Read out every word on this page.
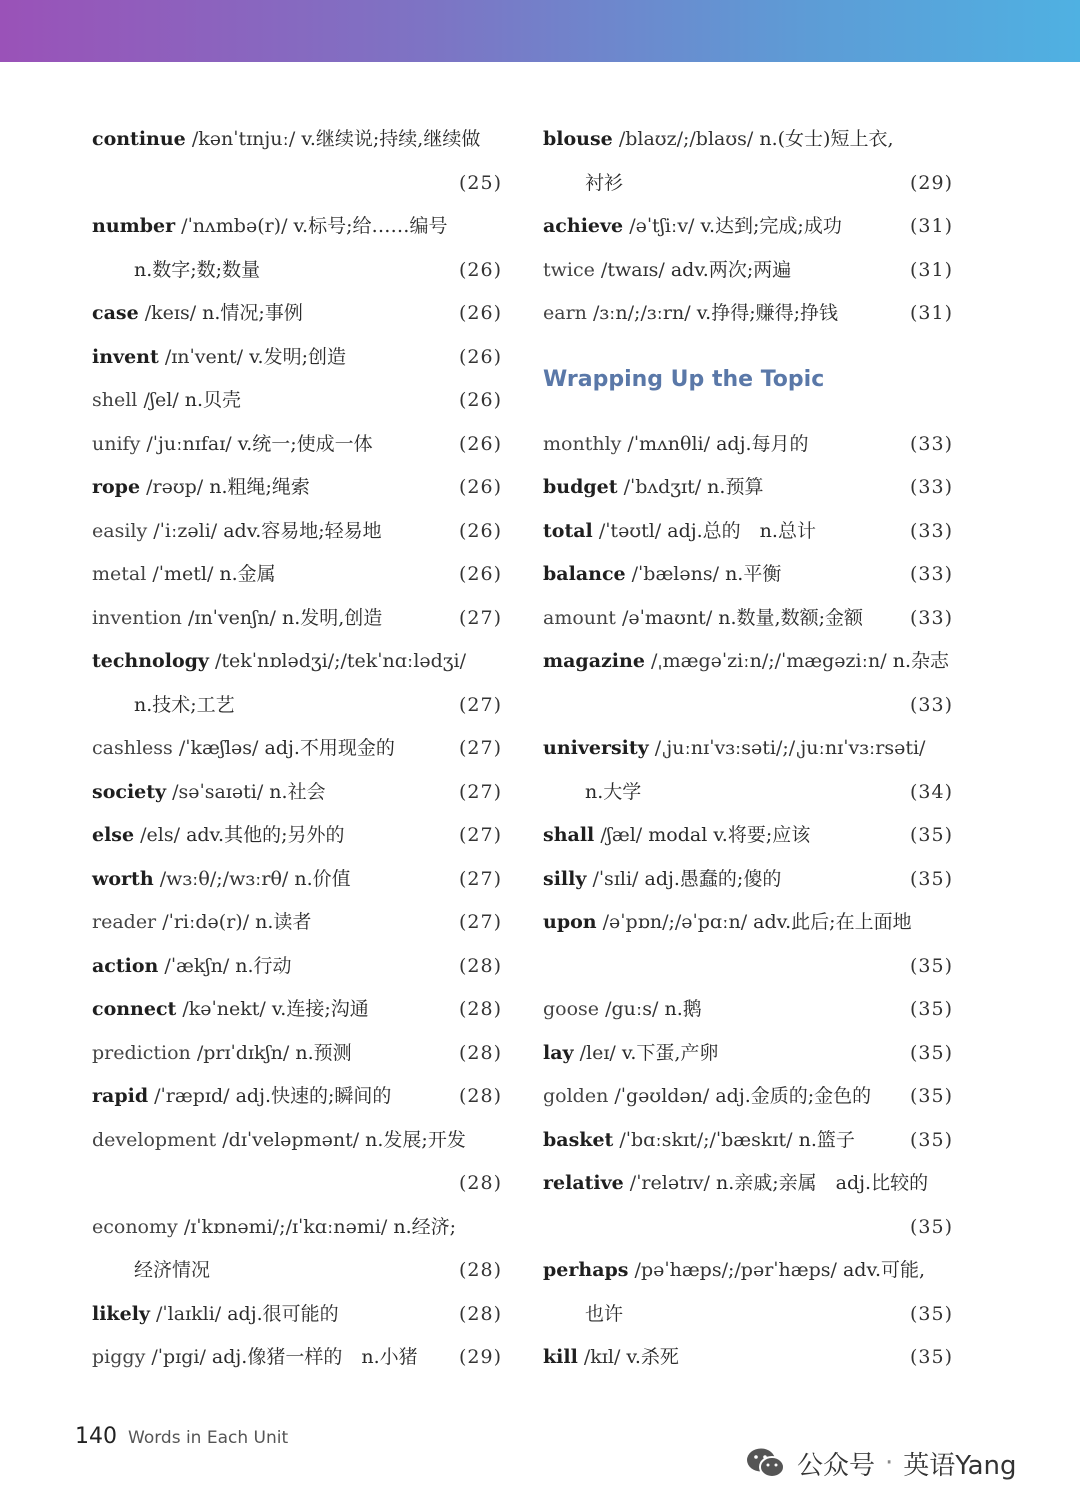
continue /kənˈtɪnjuː/ v.继续说;持续,继续做
(25)
number /ˈnʌmbə(r)/ v.标号;给……编号
n.数字;数;数量	(26)
case /keɪs/ n.情况;事例	(26)
invent /ɪnˈvent/ v.发明;创造	(26)
shell /ʃel/ n.贝壳	(26)
unify /ˈjuːnɪfaɪ/ v.统一;使成一体	(26)
rope /rəʊp/ n.粗绳;绳索	(26)
easily /ˈiːzəli/ adv.容易地;轻易地	(26)
metal /ˈmetl/ n.金属	(26)
invention /ɪnˈvenʃn/ n.发明,创造	(27)
technology /tekˈnɒlədʒi/;/tekˈnɑːlədʒi/
n.技术;工艺	(27)
cashless /ˈkæʃləs/ adj.不用现金的	(27)
society /səˈsaɪəti/ n.社会	(27)
else /els/ adv.其他的;另外的	(27)
worth /wɜːθ/;/wɜːrθ/ n.价值	(27)
reader /ˈriːdə(r)/ n.读者	(27)
action /ˈækʃn/ n.行动	(28)
connect /kəˈnekt/ v.连接;沟通	(28)
prediction /prɪˈdɪkʃn/ n.预测	(28)
rapid /ˈræpɪd/ adj.快速的;瞬间的	(28)
development /dɪˈveləpmənt/ n.发展;开发
(28)
economy /ɪˈkɒnəmi/;/ɪˈkɑːnəmi/ n.经济;
经济情况	(28)
likely /ˈlaɪkli/ adj.很可能的	(28)
piggy /ˈpɪgi/ adj.像猪一样的　n.小猪 (29)
blouse /blaʊz/;/blaʊs/ n.(女士)短上衣,
衬衫	(29)
achieve /əˈtʃiːv/ v.达到;完成;成功	(31)
twice /twaɪs/ adv.两次;两遍	(31)
earn /ɜːn/;/ɜːrn/ v.挣得;赚得;挣钱	(31)
Wrapping Up the Topic
monthly /ˈmʌnθli/ adj.每月的	(33)
budget /ˈbʌdʒɪt/ n.预算	(33)
total /ˈtəʊtl/ adj.总的　n.总计	(33)
balance /ˈbæləns/ n.平衡	(33)
amount /əˈmaʊnt/ n.数量,数额;金额 (33)
magazine /ˌmægəˈziːn/;/ˈmægəziːn/ n.杂志
(33)
university /ˌjuːnɪˈvɜːsəti/;/ˌjuːnɪˈvɜːrsəti/
n.大学	(34)
shall /ʃæl/ modal v.将要;应该	(35)
silly /ˈsɪli/ adj.愚蠢的;傻的	(35)
upon /əˈpɒn/;/əˈpɑːn/ adv.此后;在上面地
(35)
goose /guːs/ n.鹅	(35)
lay /leɪ/ v.下蛋,产卵	(35)
golden /ˈgəʊldən/ adj.金质的;金色的 (35)
basket /ˈbɑːskɪt/;/ˈbæskɪt/ n.篮子	(35)
relative /ˈrelətɪv/ n.亲戚;亲属　adj.比较的
(35)
perhaps /pəˈhæps/;/pərˈhæps/ adv.可能,
也许	(35)
kill /kɪl/ v.杀死	(35)
140 Words in Each Unit
公众号 · 英语Yang
